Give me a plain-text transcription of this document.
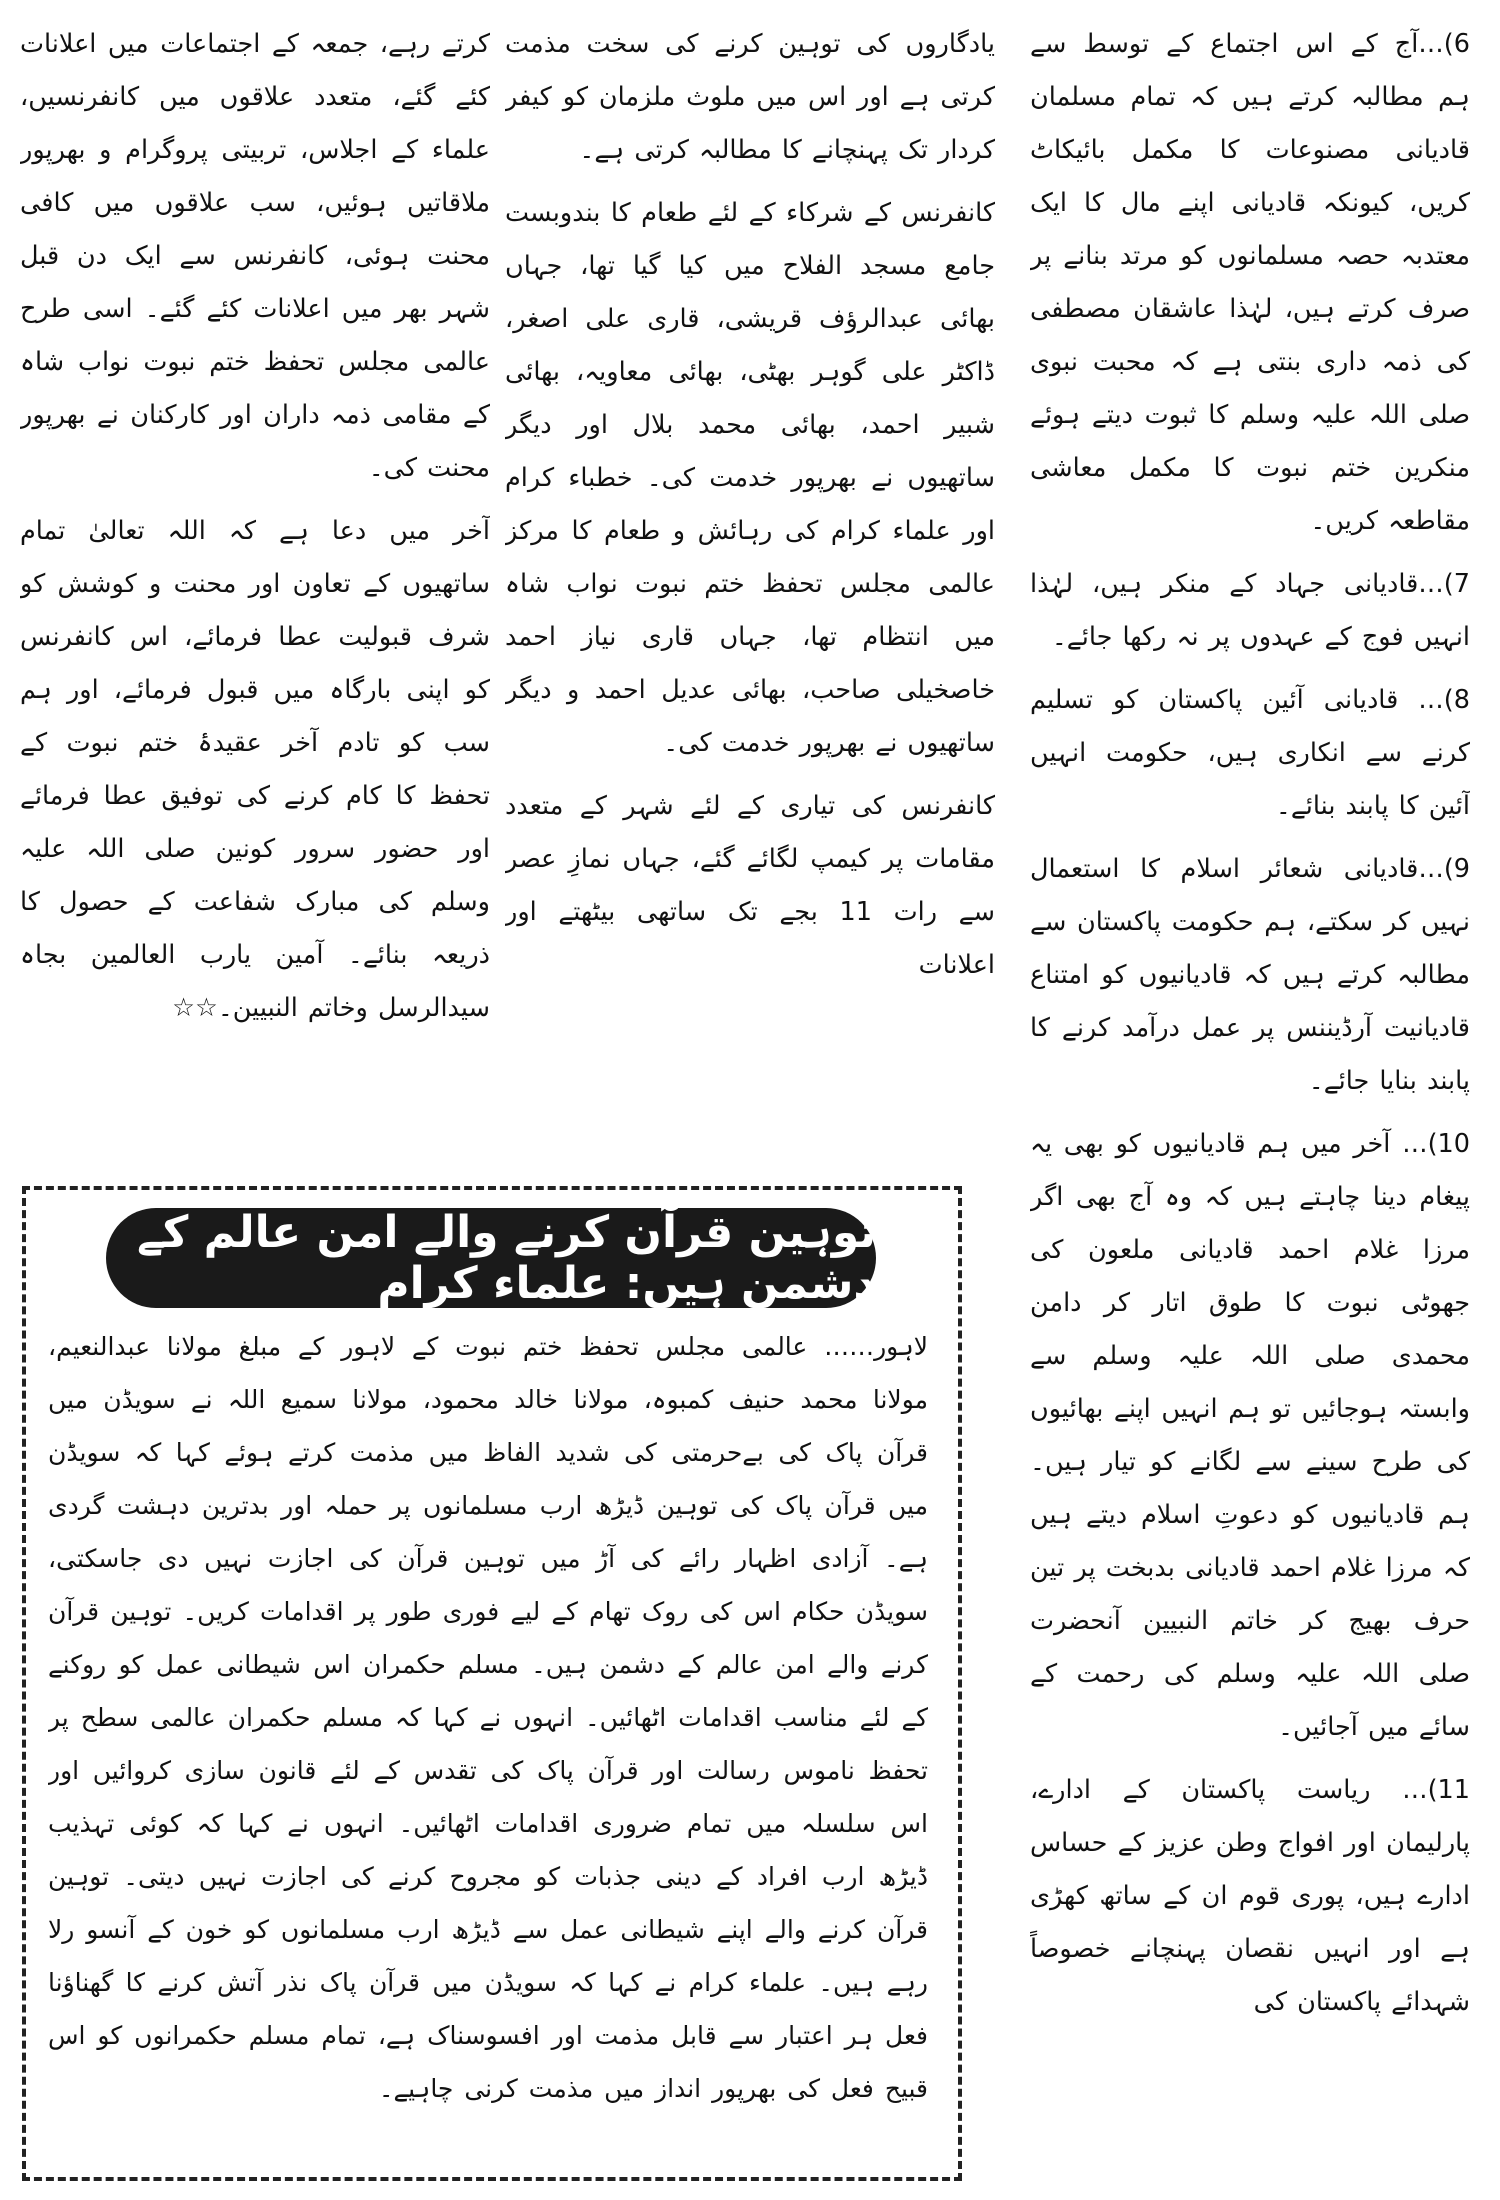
6)…آج کے اس اجتماع کے توسط سے ہم مطالبہ کرتے ہیں کہ تمام مسلمان قادیانی مصنوعات کا مکمل بائیکاٹ کریں، کیونکہ قادیانی اپنے مال کا ایک معتدبہ حصہ مسلمانوں کو مرتد بنانے پر صرف کرتے ہیں، لہٰذا عاشقان مصطفی کی ذمہ داری بنتی ہے کہ محبت نبوی صلی اللہ علیہ وسلم کا ثبوت دیتے ہوئے منکرین ختم نبوت کا مکمل معاشی مقاطعہ کریں۔

7)…قادیانی جہاد کے منکر ہیں، لہٰذا انہیں فوج کے عہدوں پر نہ رکھا جائے۔

8)… قادیانی آئین پاکستان کو تسلیم کرنے سے انکاری ہیں، حکومت انہیں آئین کا پابند بنائے۔

9)…قادیانی شعائر اسلام کا استعمال نہیں کر سکتے، ہم حکومت پاکستان سے مطالبہ کرتے ہیں کہ قادیانیوں کو امتناع قادیانیت آرڈیننس پر عمل درآمد کرنے کا پابند بنایا جائے۔

10)… آخر میں ہم قادیانیوں کو بھی یہ پیغام دینا چاہتے ہیں کہ وہ آج بھی اگر مرزا غلام احمد قادیانی ملعون کی جھوٹی نبوت کا طوق اتار کر دامن محمدی صلی اللہ علیہ وسلم سے وابستہ ہوجائیں تو ہم انہیں اپنے بھائیوں کی طرح سینے سے لگانے کو تیار ہیں۔ ہم قادیانیوں کو دعوتِ اسلام دیتے ہیں کہ مرزا غلام احمد قادیانی بدبخت پر تین حرف بھیج کر خاتم النبیین آنحضرت صلی اللہ علیہ وسلم کی رحمت کے سائے میں آجائیں۔

11)… ریاست پاکستان کے ادارے، پارلیمان اور افواج وطن عزیز کے حساس ادارے ہیں، پوری قوم ان کے ساتھ کھڑی ہے اور انہیں نقصان پہنچانے خصوصاً شہدائے پاکستان کی

یادگاروں کی توہین کرنے کی سخت مذمت کرتی ہے اور اس میں ملوث ملزمان کو کیفر کردار تک پہنچانے کا مطالبہ کرتی ہے۔

کانفرنس کے شرکاء کے لئے طعام کا بندوبست جامع مسجد الفلاح میں کیا گیا تھا، جہاں بھائی عبدالرؤف قریشی، قاری علی اصغر، ڈاکٹر علی گوہر بھٹی، بھائی معاویہ، بھائی شبیر احمد، بھائی محمد بلال اور دیگر ساتھیوں نے بھرپور خدمت کی۔ خطباء کرام اور علماء کرام کی رہائش و طعام کا مرکز عالمی مجلس تحفظ ختم نبوت نواب شاہ میں انتظام تھا، جہاں قاری نیاز احمد خاصخیلی صاحب، بھائی عدیل احمد و دیگر ساتھیوں نے بھرپور خدمت کی۔

کانفرنس کی تیاری کے لئے شہر کے متعدد مقامات پر کیمپ لگائے گئے، جہاں نمازِ عصر سے رات 11 بجے تک ساتھی بیٹھتے اور اعلانات

کرتے رہے، جمعہ کے اجتماعات میں اعلانات کئے گئے، متعدد علاقوں میں کانفرنسیں، علماء کے اجلاس، تربیتی پروگرام و بھرپور ملاقاتیں ہوئیں، سب علاقوں میں کافی محنت ہوئی، کانفرنس سے ایک دن قبل شہر بھر میں اعلانات کئے گئے۔ اسی طرح عالمی مجلس تحفظ ختم نبوت نواب شاہ کے مقامی ذمہ داران اور کارکنان نے بھرپور محنت کی۔

آخر میں دعا ہے کہ اللہ تعالیٰ تمام ساتھیوں کے تعاون اور محنت و کوشش کو شرف قبولیت عطا فرمائے، اس کانفرنس کو اپنی بارگاہ میں قبول فرمائے، اور ہم سب کو تادم آخر عقیدۂ ختم نبوت کے تحفظ کا کام کرنے کی توفیق عطا فرمائے اور حضور سرور کونین صلی اللہ علیہ وسلم کی مبارک شفاعت کے حصول کا ذریعہ بنائے۔ آمین یارب العالمین بجاہ سیدالرسل وخاتم النبیین۔☆☆

توہین قرآن کرنے والے امن عالم کے دشمن ہیں: علماء کرام
لاہور…… عالمی مجلس تحفظ ختم نبوت کے لاہور کے مبلغ مولانا عبدالنعیم، مولانا محمد حنیف کمبوہ، مولانا خالد محمود، مولانا سمیع اللہ نے سویڈن میں قرآن پاک کی بےحرمتی کی شدید الفاظ میں مذمت کرتے ہوئے کہا کہ سویڈن میں قرآن پاک کی توہین ڈیڑھ ارب مسلمانوں پر حملہ اور بدترین دہشت گردی ہے۔ آزادی اظہار رائے کی آڑ میں توہین قرآن کی اجازت نہیں دی جاسکتی، سویڈن حکام اس کی روک تھام کے لیے فوری طور پر اقدامات کریں۔ توہین قرآن کرنے والے امن عالم کے دشمن ہیں۔ مسلم حکمران اس شیطانی عمل کو روکنے کے لئے مناسب اقدامات اٹھائیں۔ انہوں نے کہا کہ مسلم حکمران عالمی سطح پر تحفظ ناموس رسالت اور قرآن پاک کی تقدس کے لئے قانون سازی کروائیں اور اس سلسلہ میں تمام ضروری اقدامات اٹھائیں۔ انہوں نے کہا کہ کوئی تہذیب ڈیڑھ ارب افراد کے دینی جذبات کو مجروح کرنے کی اجازت نہیں دیتی۔ توہین قرآن کرنے والے اپنے شیطانی عمل سے ڈیڑھ ارب مسلمانوں کو خون کے آنسو رلا رہے ہیں۔ علماء کرام نے کہا کہ سویڈن میں قرآن پاک نذر آتش کرنے کا گھناؤنا فعل ہر اعتبار سے قابل مذمت اور افسوسناک ہے، تمام مسلم حکمرانوں کو اس قبیح فعل کی بھرپور انداز میں مذمت کرنی چاہیے۔
